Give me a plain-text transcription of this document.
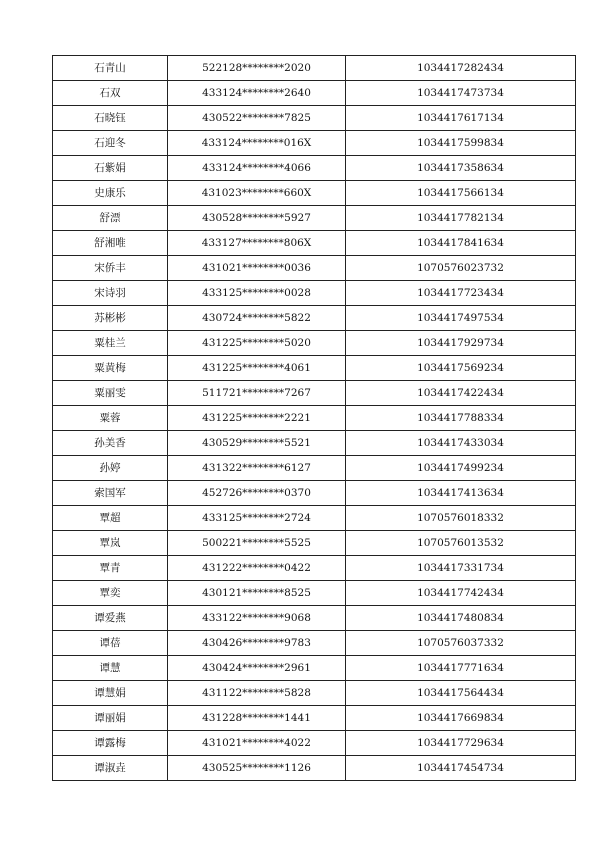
石青山	522128********2020	1034417282434
石双	433124********2640	1034417473734
石晓钰	430522********7825	1034417617134
石迎冬	433124********016X	1034417599834
石紫娟	433124********4066	1034417358634
史康乐	431023********660X	1034417566134
舒漂	430528********5927	1034417782134
舒湘唯	433127********806X	1034417841634
宋侨丰	431021********0036	1070576023732
宋诗羽	433125********0028	1034417723434
苏彬彬	430724********5822	1034417497534
粟桂兰	431225********5020	1034417929734
粟黄梅	431225********4061	1034417569234
粟丽雯	511721********7267	1034417422434
粟蓉	431225********2221	1034417788334
孙美香	430529********5521	1034417433034
孙婷	431322********6127	1034417499234
索国军	452726********0370	1034417413634
覃超	433125********2724	1070576018332
覃岚	500221********5525	1070576013532
覃青	431222********0422	1034417331734
覃奕	430121********8525	1034417742434
谭爱燕	433122********9068	1034417480834
谭蓓	430426********9783	1070576037332
谭慧	430424********2961	1034417771634
谭慧娟	431122********5828	1034417564434
谭丽娟	431228********1441	1034417669834
谭露梅	431021********4022	1034417729634
谭淑垚	430525********1126	1034417454734
